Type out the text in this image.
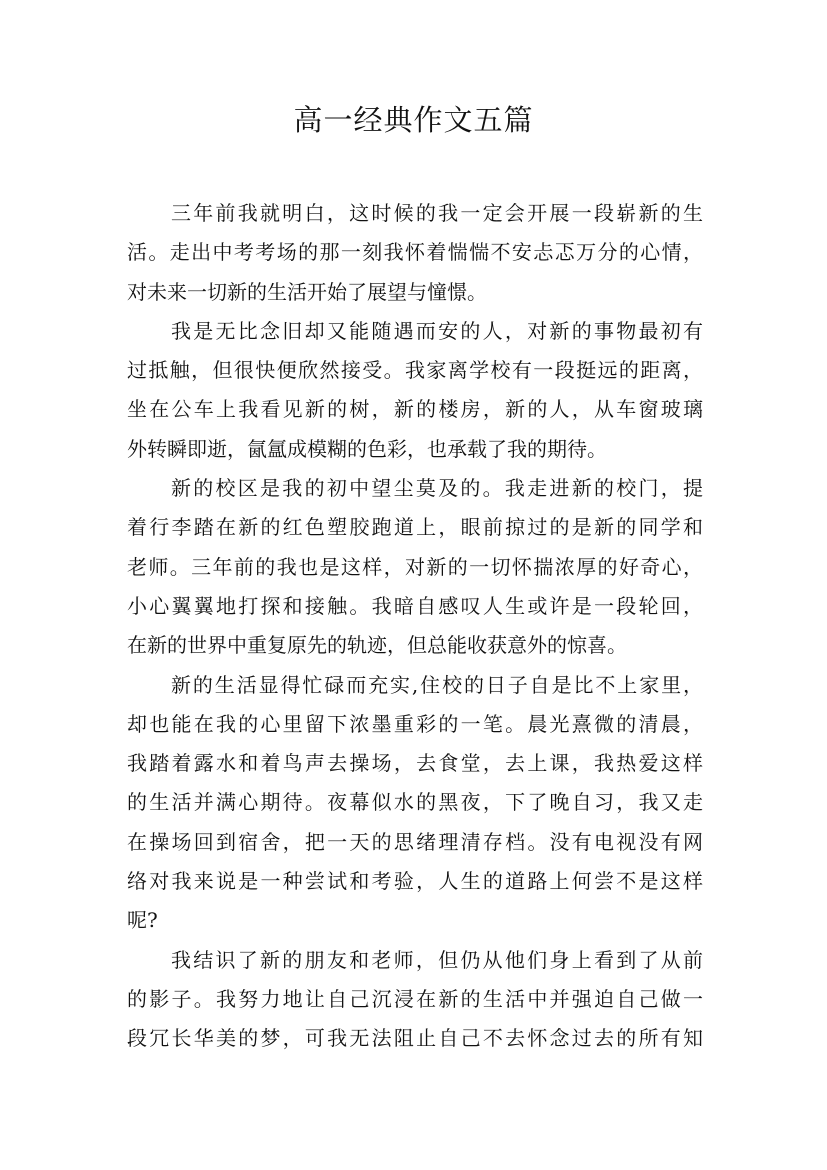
高一经典作文五篇
三年前我就明白，这时候的我一定会开展一段崭新的生
活。走出中考考场的那一刻我怀着惴惴不安忐忑万分的心情，
对未来一切新的生活开始了展望与憧憬。
我是无比念旧却又能随遇而安的人，对新的事物最初有
过抵触，但很快便欣然接受。我家离学校有一段挺远的距离，
坐在公车上我看见新的树，新的楼房，新的人，从车窗玻璃
外转瞬即逝，氤氲成模糊的色彩，也承载了我的期待。
新的校区是我的初中望尘莫及的。我走进新的校门，提
着行李踏在新的红色塑胶跑道上，眼前掠过的是新的同学和
老师。三年前的我也是这样，对新的一切怀揣浓厚的好奇心，
小心翼翼地打探和接触。我暗自感叹人生或许是一段轮回，
在新的世界中重复原先的轨迹，但总能收获意外的惊喜。
新的生活显得忙碌而充实,住校的日子自是比不上家里，
却也能在我的心里留下浓墨重彩的一笔。晨光熹微的清晨，
我踏着露水和着鸟声去操场，去食堂，去上课，我热爱这样
的生活并满心期待。夜幕似水的黑夜，下了晚自习，我又走
在操场回到宿舍，把一天的思绪理清存档。没有电视没有网
络对我来说是一种尝试和考验，人生的道路上何尝不是这样
呢?
我结识了新的朋友和老师，但仍从他们身上看到了从前
的影子。我努力地让自己沉浸在新的生活中并强迫自己做一
段冗长华美的梦，可我无法阻止自己不去怀念过去的所有知
